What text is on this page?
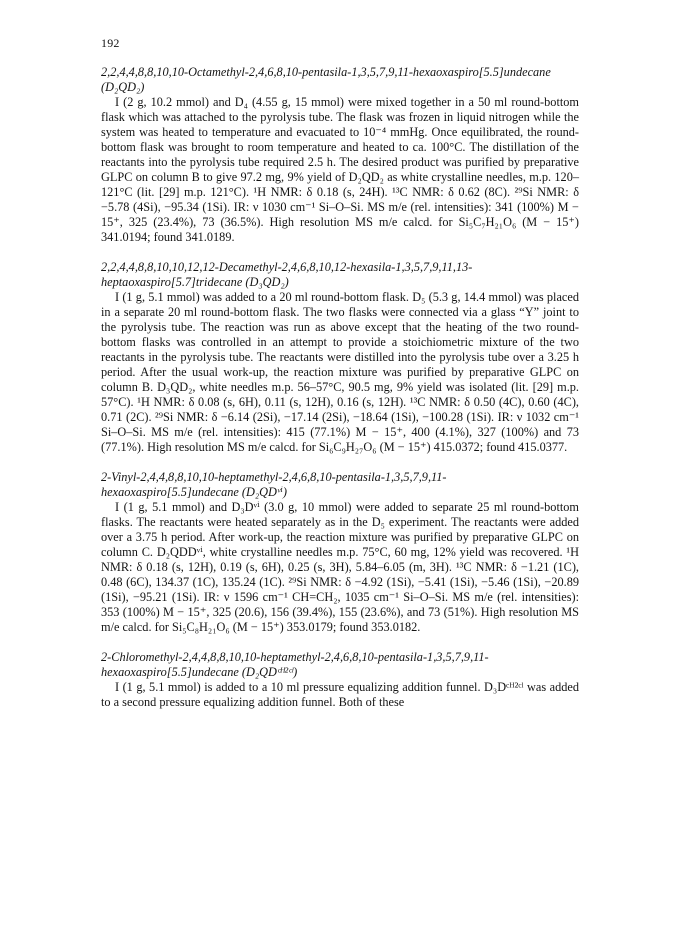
192
2,2,4,4,8,8,10,10-Octamethyl-2,4,6,8,10-pentasila-1,3,5,7,9,11-hexaoxaspiro[5.5]undecane (D₂QD₂)
I (2 g, 10.2 mmol) and D₄ (4.55 g, 15 mmol) were mixed together in a 50 ml round-bottom flask which was attached to the pyrolysis tube. The flask was frozen in liquid nitrogen while the system was heated to temperature and evacuated to 10⁻⁴ mmHg. Once equilibrated, the round-bottom flask was brought to room temperature and heated to ca. 100°C. The distillation of the reactants into the pyrolysis tube required 2.5 h. The desired product was purified by preparative GLPC on column B to give 97.2 mg, 9% yield of D₂QD₂ as white crystalline needles, m.p. 120–121°C (lit. [29] m.p. 121°C). ¹H NMR: δ 0.18 (s, 24H). ¹³C NMR: δ 0.62 (8C). ²⁹Si NMR: δ −5.78 (4Si), −95.34 (1Si). IR: ν 1030 cm⁻¹ Si–O–Si. MS m/e (rel. intensities): 341 (100%) M − 15⁺, 325 (23.4%), 73 (36.5%). High resolution MS m/e calcd. for Si₅C₇H₂₁O₆ (M − 15⁺) 341.0194; found 341.0189.
2,2,4,4,8,8,10,10,12,12-Decamethyl-2,4,6,8,10,12-hexasila-1,3,5,7,9,11,13-heptaoxaspiro[5.7]tridecane (D₃QD₂)
I (1 g, 5.1 mmol) was added to a 20 ml round-bottom flask. D₅ (5.3 g, 14.4 mmol) was placed in a separate 20 ml round-bottom flask. The two flasks were connected via a glass “Y” joint to the pyrolysis tube. The reaction was run as above except that the heating of the two round-bottom flasks was controlled in an attempt to provide a stoichiometric mixture of the two reactants in the pyrolysis tube. The reactants were distilled into the pyrolysis tube over a 3.25 h period. After the usual work-up, the reaction mixture was purified by preparative GLPC on column B. D₃QD₂, white needles m.p. 56–57°C, 90.5 mg, 9% yield was isolated (lit. [29] m.p. 57°C). ¹H NMR: δ 0.08 (s, 6H), 0.11 (s, 12H), 0.16 (s, 12H). ¹³C NMR: δ 0.50 (4C), 0.60 (4C), 0.71 (2C). ²⁹Si NMR: δ −6.14 (2Si), −17.14 (2Si), −18.64 (1Si), −100.28 (1Si). IR: ν 1032 cm⁻¹ Si–O–Si. MS m/e (rel. intensities): 415 (77.1%) M − 15⁺, 400 (4.1%), 327 (100%) and 73 (77.1%). High resolution MS m/e calcd. for Si₆C₉H₂₇O₆ (M − 15⁺) 415.0372; found 415.0377.
2-Vinyl-2,4,4,8,8,10,10-heptamethyl-2,4,6,8,10-pentasila-1,3,5,7,9,11-hexaoxaspiro[5.5]undecane (D₂QDᵛⁱ)
I (1 g, 5.1 mmol) and D₃Dᵛⁱ (3.0 g, 10 mmol) were added to separate 25 ml round-bottom flasks. The reactants were heated separately as in the D₅ experiment. The reactants were added over a 3.75 h period. After work-up, the reaction mixture was purified by preparative GLPC on column C. D₂QDDᵛⁱ, white crystalline needles m.p. 75°C, 60 mg, 12% yield was recovered. ¹H NMR: δ 0.18 (s, 12H), 0.19 (s, 6H), 0.25 (s, 3H), 5.84–6.05 (m, 3H). ¹³C NMR: δ −1.21 (1C), 0.48 (6C), 134.37 (1C), 135.24 (1C). ²⁹Si NMR: δ −4.92 (1Si), −5.41 (1Si), −5.46 (1Si), −20.89 (1Si), −95.21 (1Si). IR: ν 1596 cm⁻¹ CH=CH₂, 1035 cm⁻¹ Si–O–Si. MS m/e (rel. intensities): 353 (100%) M − 15⁺, 325 (20.6), 156 (39.4%), 155 (23.6%), and 73 (51%). High resolution MS m/e calcd. for Si₅C₈H₂₁O₆ (M − 15⁺) 353.0179; found 353.0182.
2-Chloromethyl-2,4,4,8,8,10,10-heptamethyl-2,4,6,8,10-pentasila-1,3,5,7,9,11-hexaoxaspiro[5.5]undecane (D₂QDᶜᴴ²ᶜˡ)
I (1 g, 5.1 mmol) is added to a 10 ml pressure equalizing addition funnel. D₃Dᶜᴴ²ᶜˡ was added to a second pressure equalizing addition funnel. Both of these
